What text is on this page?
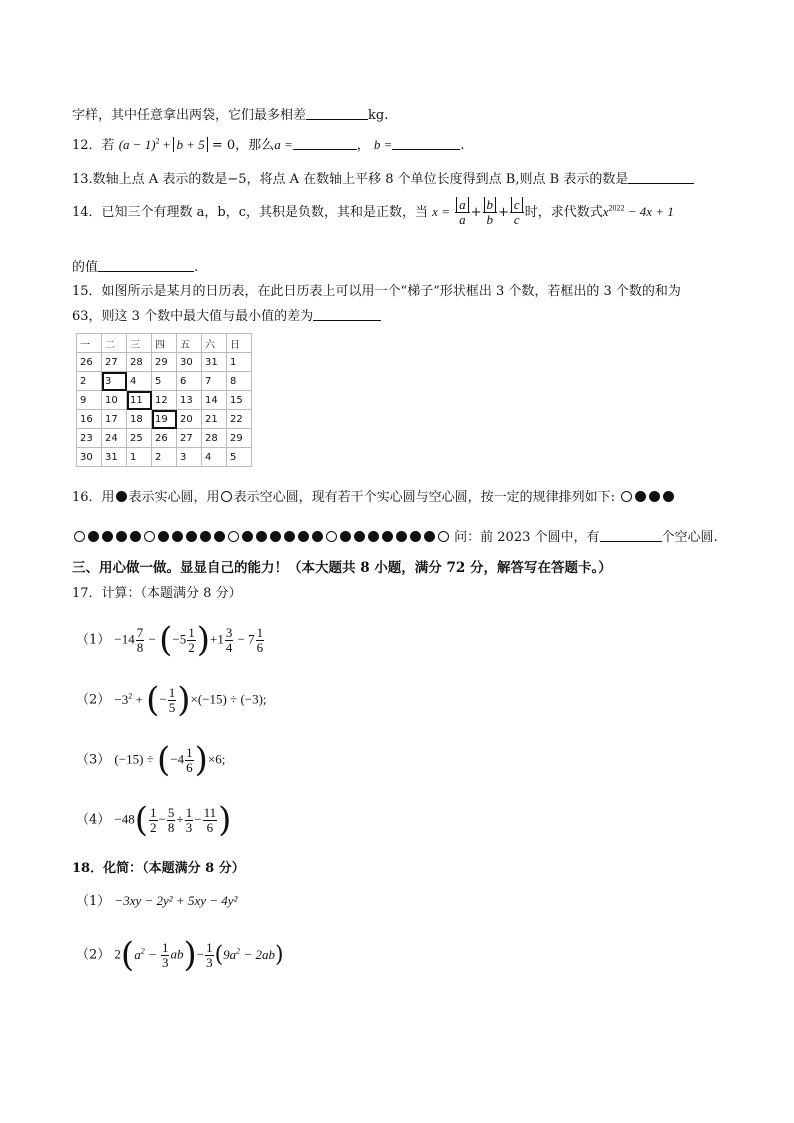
字样，其中任意拿出两袋，它们最多相差	kg.
12．若 $(a - 1)^2 + b + 5 = 0$，那么a =	， b =	.
13.数轴上点 A 表示的数是−5，将点 A 在数轴上平移 8 个单位长度得到点 B,则点 B 表示的数是
14．已知三个有理数 a，b，c，其积是负数，其和是正数，当 $x = \frac{a}{a} + \frac{b}{b} + \frac{c}{c}$ 时，求代数式$x^{2022} - 4x + 1$
的值	.
15．如图所示是某月的日历表，在此日历表上可以用一个“梯子”形状框出 3 个数，若框出的 3 个数的和为
63，则这 3 个数中最大值与最小值的差为
一	二	三	四	五	六	日
26	27	28	29	30	31	1
2	3	4	5	6	7	8
9	10	11	12	13	14	15
16	17	18	19	20	21	22
23	24	25	26	27	28	29
30	31	1	2	3	4	5
16．用 表示实心圆，用 表示空心圆，现有若干个实心圆与空心圆，按一定的规律排列如下:
问：前 2023 个圆中，有	个空心圆.
三、用心做一做。显显自己的能力！（本大题共 8 小题，满分 72 分，解答写在答题卡。）
17．计算：（本题满分 8 分）
$(1) -14 \frac{7}{8} - (-5 \frac{1}{2} )+1 \frac{3}{4} - 7 \frac{1}{6}$
$(2) -3^2$ + (− $\frac{1}{5} )\times(-15) \div (-3)$;
（3） $(-15) \div (-4 \frac{1}{6} )\times 6$;
$(4) -48( \frac{1}{2} - \frac{5}{8} + \frac{1}{3} - \frac{11}{6}$ )
18．化简：（本题满分 8 分）
（1） −3xy − 2y² + 5xy − 4y²
（2） $2(a^2 - \frac{1}{3} ab)- \frac{1}{3} (9a^2 - 2ab)$
